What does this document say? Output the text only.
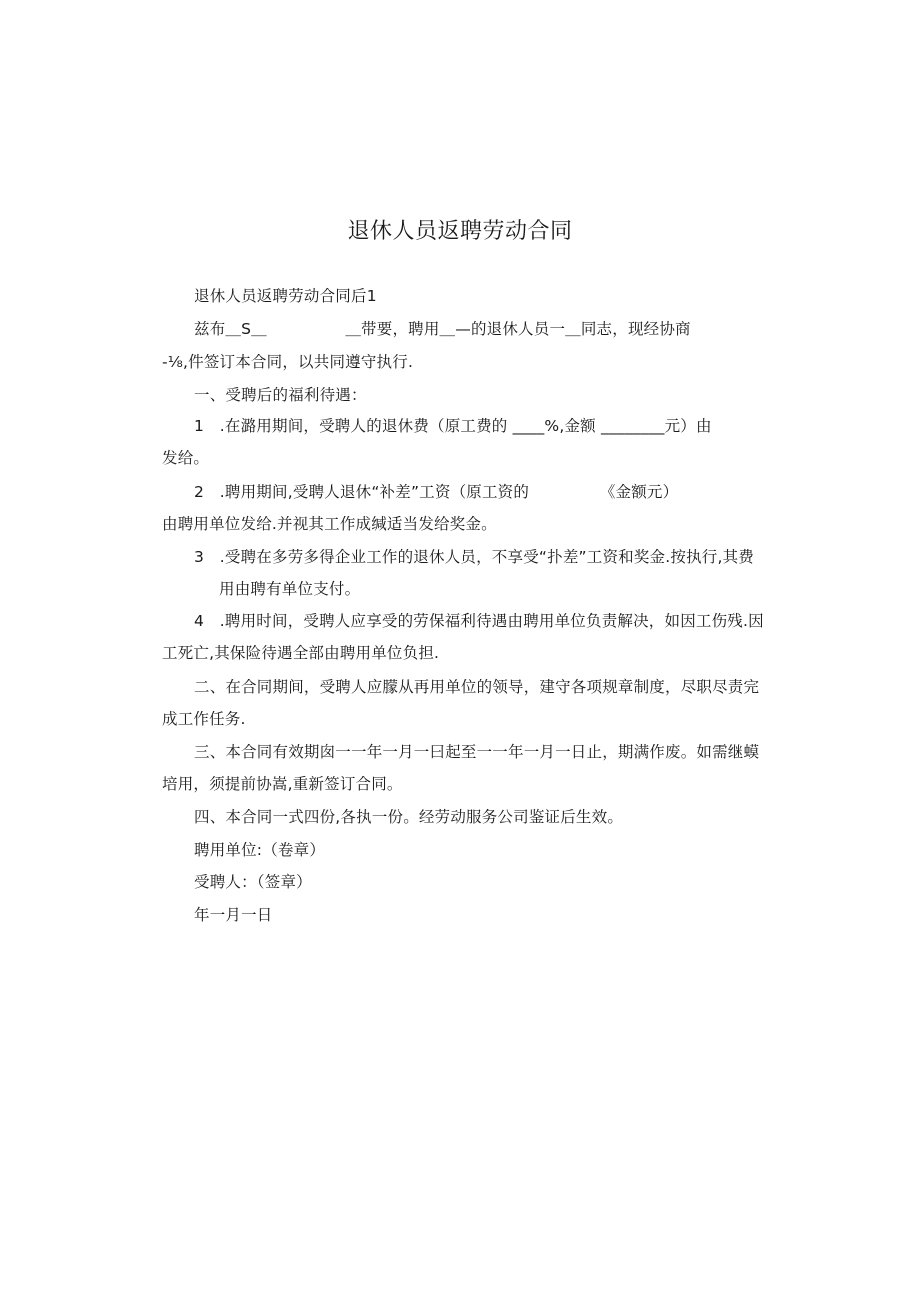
退休人员返聘劳动合同
退休人员返聘劳动合同后1
兹布＿S＿　　　　　＿带要，聘用＿—的退休人员一＿同志，现经协商
-⅛,件签订本合同，以共同遵守执行.
一、受聘后的福利待遇：
1　.在潞用期间，受聘人的退休费（原工费的 ____%,金额 ________元）由
发给。
2　.聘用期间,受聘人退休“补差”工资（原工资的　　　　　《金额元）
由聘用单位发给.并视其工作成缄适当发给奖金。
3　.受聘在多劳多得企业工作的退休人员，不享受“扑差”工资和奖金.按执行,其费
用由聘有单位支付。
4　.聘用时间，受聘人应享受的劳保福利待遇由聘用单位负责解决，如因工伤残.因
工死亡,其保险待遇全部由聘用单位负担.
二、在合同期间，受聘人应朦从再用单位的领导，建守各项规章制度，尽职尽责完
成工作任务.
三、本合同有效期囱一一年一月一曰起至一一年一月一日止，期满作废。如需继蟆
培用，须提前协嵩,重新签订合同。
四、本合同一式四份,各执一份。经劳动服务公司鉴证后生效。
聘用单位:（卷章）
受聘人：（签章）
年一月一日
